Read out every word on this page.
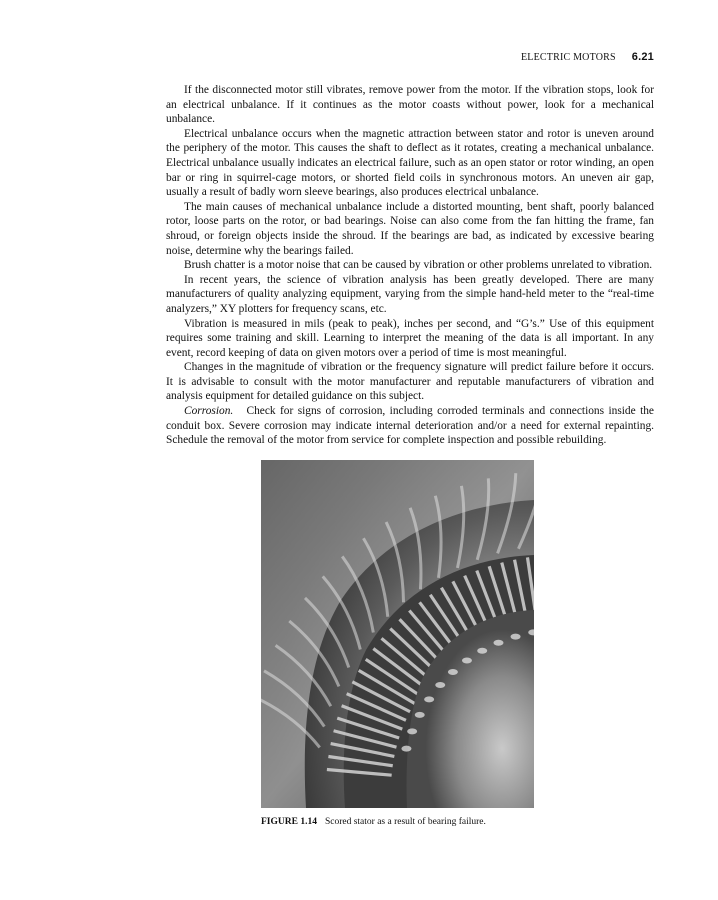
ELECTRIC MOTORS 6.21

If the disconnected motor still vibrates, remove power from the motor. If the vibration stops, look for an electrical unbalance. If it continues as the motor coasts without power, look for a mechanical unbalance.

Electrical unbalance occurs when the magnetic attraction between stator and rotor is uneven around the periphery of the motor. This causes the shaft to deflect as it rotates, creating a mechanical unbalance. Electrical unbalance usually indicates an electrical failure, such as an open stator or rotor winding, an open bar or ring in squirrel-cage motors, or shorted field coils in synchronous motors. An uneven air gap, usually a result of badly worn sleeve bearings, also produces electrical unbalance.

The main causes of mechanical unbalance include a distorted mounting, bent shaft, poorly balanced rotor, loose parts on the rotor, or bad bearings. Noise can also come from the fan hitting the frame, fan shroud, or foreign objects inside the shroud. If the bearings are bad, as indicated by excessive bearing noise, determine why the bearings failed.

Brush chatter is a motor noise that can be caused by vibration or other problems unrelated to vibration.

In recent years, the science of vibration analysis has been greatly developed. There are many manufacturers of quality analyzing equipment, varying from the simple hand-held meter to the “real-time analyzers,” XY plotters for frequency scans, etc.

Vibration is measured in mils (peak to peak), inches per second, and “G’s.” Use of this equipment requires some training and skill. Learning to interpret the meaning of the data is all important. In any event, record keeping of data on given motors over a period of time is most meaningful.

Changes in the magnitude of vibration or the frequency signature will predict failure before it occurs. It is advisable to consult with the motor manufacturer and reputable manufacturers of vibration and analysis equipment for detailed guidance on this subject.

Corrosion. Check for signs of corrosion, including corroded terminals and connections inside the conduit box. Severe corrosion may indicate internal deterioration and/or a need for external repainting. Schedule the removal of the motor from service for complete inspection and possible rebuilding.

FIGURE 1.14 Scored stator as a result of bearing failure.
